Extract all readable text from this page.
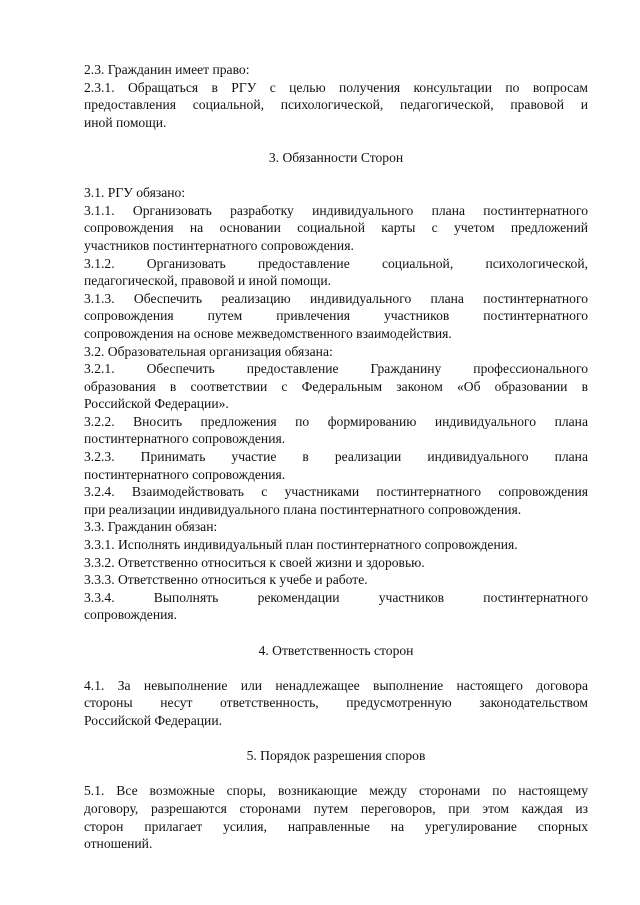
2.3. Гражданин имеет право:
2.3.1. Обращаться в РГУ с целью получения консультации по вопросам
предоставления социальной, психологической, педагогической, правовой и
иной помощи.
3. Обязанности Сторон
3.1. РГУ обязано:
3.1.1. Организовать разработку индивидуального плана постинтернатного
сопровождения на основании социальной карты с учетом предложений
участников постинтернатного сопровождения.
3.1.2. Организовать предоставление социальной, психологической,
педагогической, правовой и иной помощи.
3.1.3. Обеспечить реализацию индивидуального плана постинтернатного
сопровождения путем привлечения участников постинтернатного
сопровождения на основе межведомственного взаимодействия.
3.2. Образовательная организация обязана:
3.2.1. Обеспечить предоставление Гражданину профессионального
образования в соответствии с Федеральным законом «Об образовании в
Российской Федерации».
3.2.2. Вносить предложения по формированию индивидуального плана
постинтернатного сопровождения.
3.2.3. Принимать участие в реализации индивидуального плана
постинтернатного сопровождения.
3.2.4. Взаимодействовать с участниками постинтернатного сопровождения
при реализации индивидуального плана постинтернатного сопровождения.
3.3. Гражданин обязан:
3.3.1. Исполнять индивидуальный план постинтернатного сопровождения.
3.3.2. Ответственно относиться к своей жизни и здоровью.
3.3.3. Ответственно относиться к учебе и работе.
3.3.4. Выполнять рекомендации участников постинтернатного
сопровождения.
4. Ответственность сторон
4.1. За невыполнение или ненадлежащее выполнение настоящего договора
стороны несут ответственность, предусмотренную законодательством
Российской Федерации.
5. Порядок разрешения споров
5.1. Все возможные споры, возникающие между сторонами по настоящему
договору, разрешаются сторонами путем переговоров, при этом каждая из
сторон прилагает усилия, направленные на урегулирование спорных
отношений.
